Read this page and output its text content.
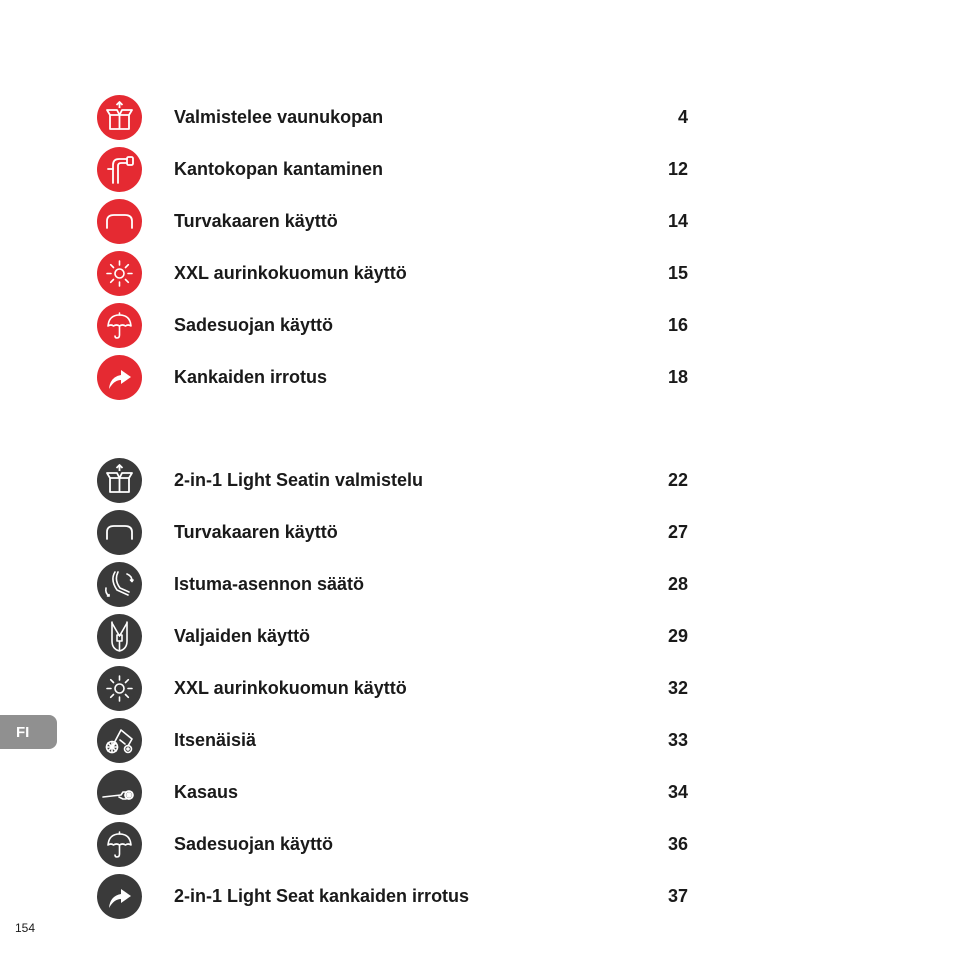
Valmistelee vaunukopan	4
Kantokopan kantaminen	12
Turvakaaren käyttö	14
XXL aurinkokuomun käyttö	15
Sadesuojan käyttö	16
Kankaiden irrotus	18
2-in-1 Light Seatin valmistelu	22
Turvakaaren käyttö	27
Istuma-asennon säätö	28
Valjaiden käyttö	29
XXL aurinkokuomun käyttö	32
Itsenäisiä	33
Kasaus	34
Sadesuojan käyttö	36
2-in-1 Light Seat kankaiden irrotus	37
FI
154
